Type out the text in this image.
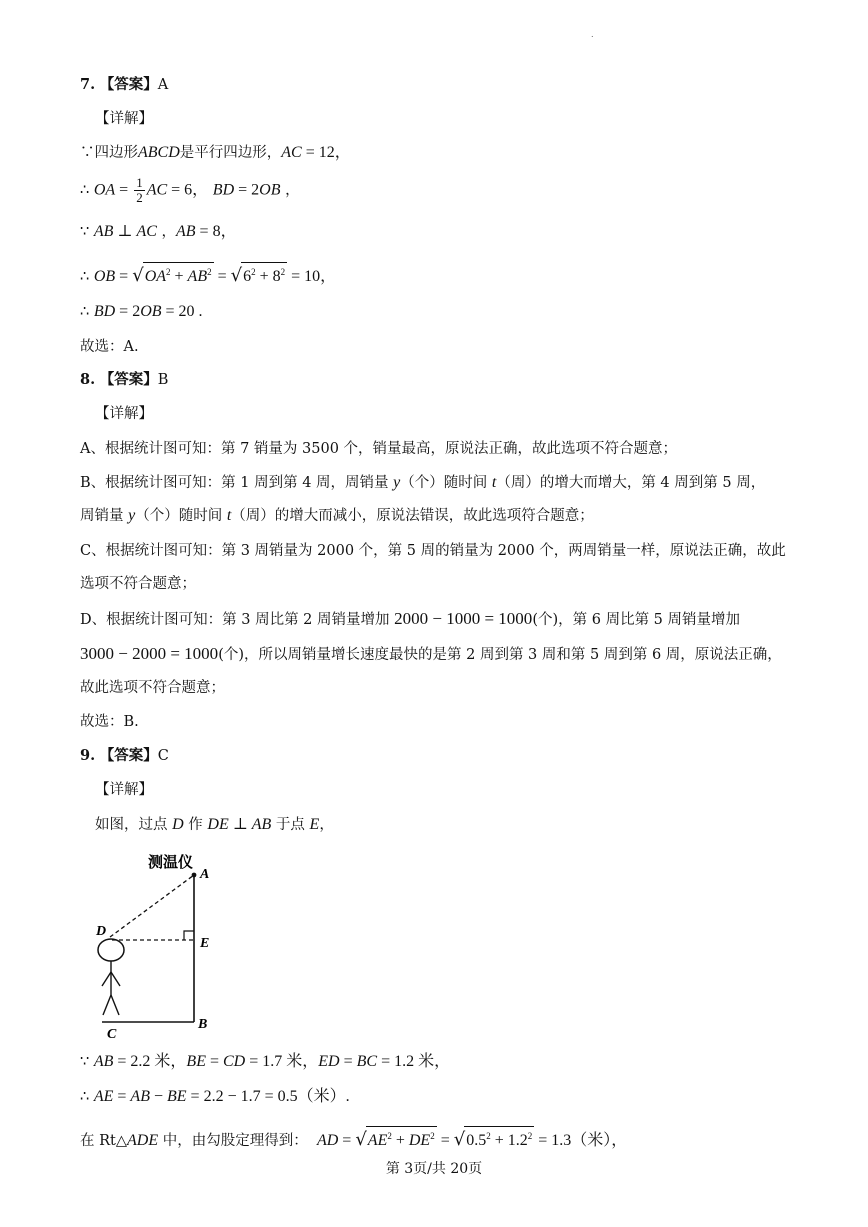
.
7. 【答案】A
【详解】
∵四边形ABCD是平行四边形，AC = 12，
∴ OA = $\frac{1}{2}$ AC = 6， BD = 2OB ，
∵ AB ⊥ AC ，AB = 8，
∴ OB = $√OA^2 + AB^2 = √6^2 + 8^2 = 10$，
∴ BD = 2OB = 20 .
故选：A.
8. 【答案】B
【详解】
A、根据统计图可知：第 7 销量为 3500 个，销量最高，原说法正确，故此选项不符合题意；
B、根据统计图可知：第 1 周到第 4 周，周销量 y（个）随时间 t（周）的增大而增大，第 4 周到第 5 周，
周销量 y（个）随时间 t（周）的增大而减小，原说法错误，故此选项符合题意；
C、根据统计图可知：第 3 周销量为 2000 个，第 5 周的销量为 2000 个，两周销量一样，原说法正确，故此
选项不符合题意；
D、根据统计图可知：第 3 周比第 2 周销量增加 2000 − 1000 = 1000(个)，第 6 周比第 5 周销量增加
3000 − 2000 = 1000(个)，所以周销量增长速度最快的是第 2 周到第 3 周和第 5 周到第 6 周，原说法正确，
故此选项不符合题意；
故选：B.
9. 【答案】C
【详解】
如图，过点 D 作 DE ⊥ AB 于点 E，
测温仪
A
D
E
B
C
∵ AB = 2.2 米，BE = CD = 1.7 米，ED = BC = 1.2 米，
∴ AE = AB − BE = 2.2 − 1.7 = 0.5（米）.
在 Rt△ADE 中，由勾股定理得到： AD = $√AE^2 + DE^2 = √0.5^2 + 1.2^2 = 1.3$（米），
第 3页/共 20页
